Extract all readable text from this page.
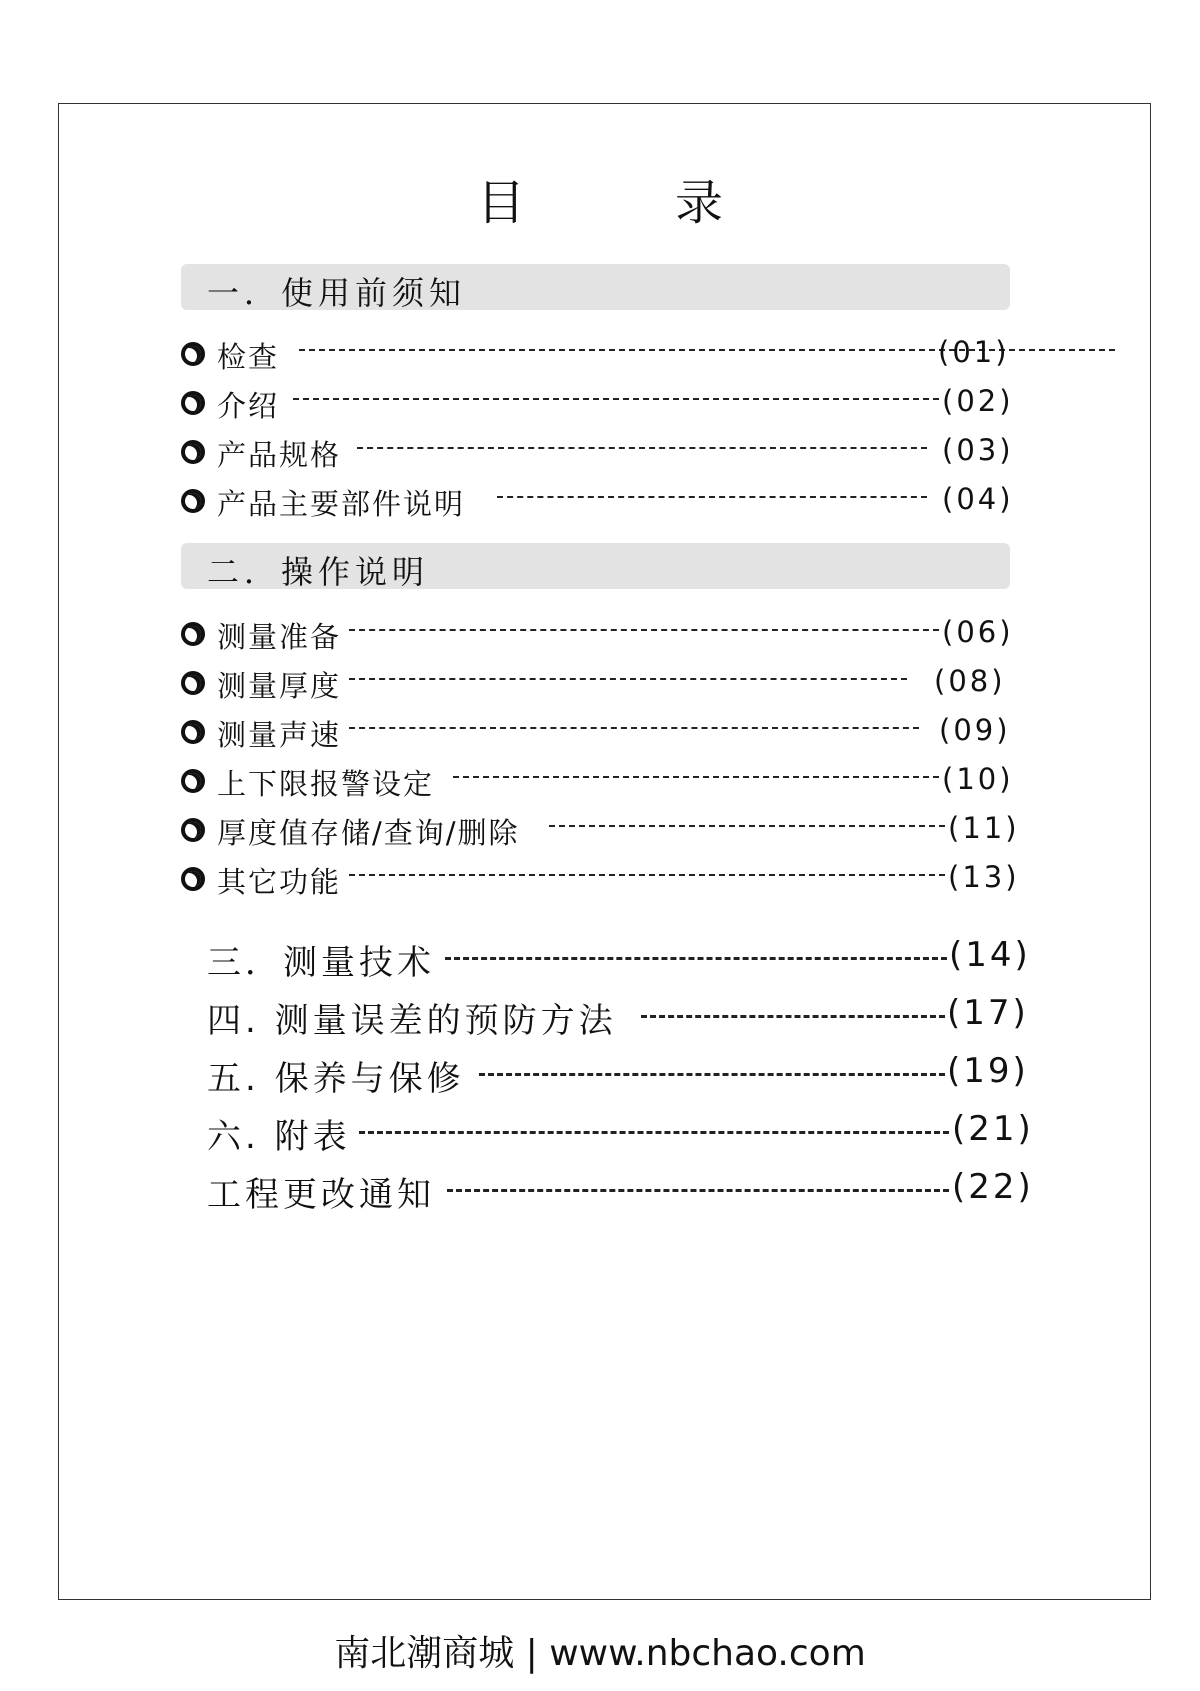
目	录
一．使用前须知
检查	(01)
介绍	(02)
产品规格	(03)
产品主要部件说明	(04)
二．操作说明
测量准备	(06)
测量厚度	(08)
测量声速	(09)
上下限报警设定	(10)
厚度值存储/查询/删除	(11)
其它功能	(13)
三．测量技术	(14)
四. 测量误差的预防方法	(17)
五. 保养与保修	(19)
六. 附表	(21)
工程更改通知	(22)
南北潮商城 | www.nbchao.com
